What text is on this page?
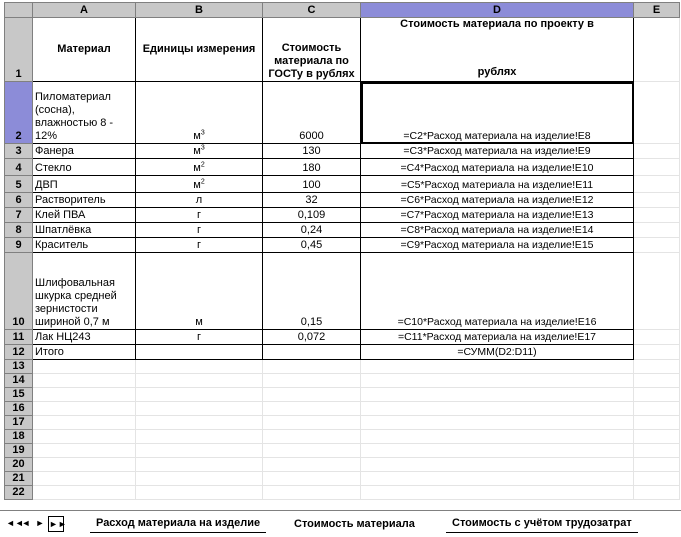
	A	B	C	D	E
1	Материал	Единицы измерения	Стоимость материала по ГОСТу в рублях	Стоимость материала по проекту в
рублях	

2	Пиломатериал (сосна), влажностью 8 - 12%	$м^3$	6000	=C2*Расход материала на изделие!E8	
3	Фанера	$м^3$	130	=C3*Расход материала на изделие!E9	
4	Стекло	$м^2$	180	=C4*Расход материала на изделие!E10	
5	ДВП	$м^2$	100	=C5*Расход материала на изделие!E11	
6	Растворитель	л	32	=C6*Расход материала на изделие!E12	
7	Клей ПВА	г	0,109	=C7*Расход материала на изделие!E13	
8	Шпатлёвка	г	0,24	=C8*Расход материала на изделие!E14	
9	Краситель	г	0,45	=C9*Расход материала на изделие!E15	
10	Шлифовальная шкурка средней зернистости шириной 0,7 м	м	0,15	=C10*Расход материала на изделие!E16	
11	Лак НЦ243	г	0,072	=C11*Расход материала на изделие!E17	
12	Итого			=СУММ(D2:D11)	
13					
14					
15					
16					
17					
18					
19					
20					
21					
22					
◄◄
◄ ► ►►	Расход материала на изделие	Стоимость материала	Стоимость с учётом трудозатрат
